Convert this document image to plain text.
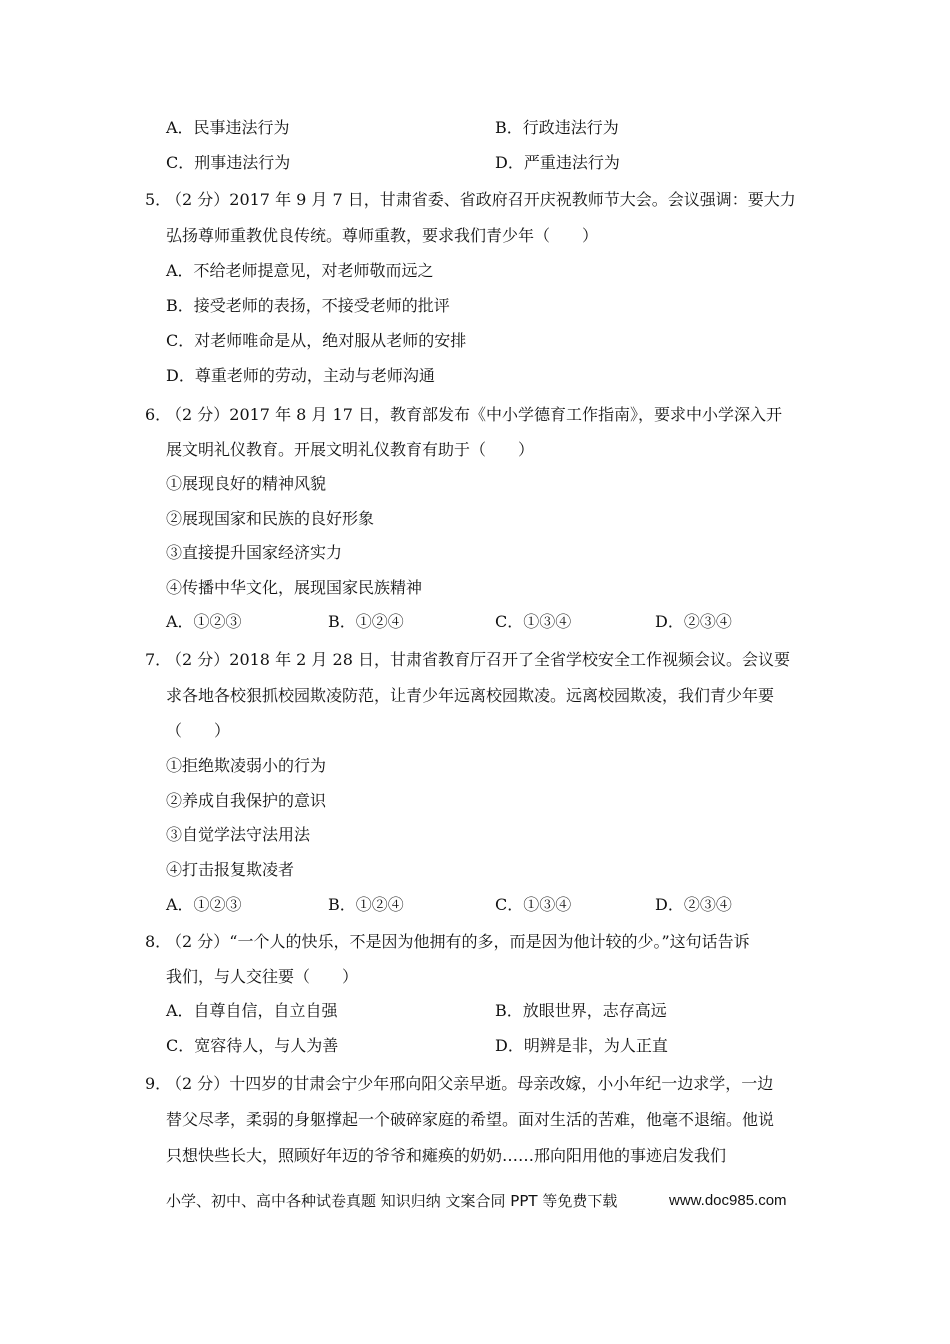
A．民事违法行为	B．行政违法行为
C．刑事违法行为	D．严重违法行为
5．
（2 分）2017 年 9 月 7 日，甘肃省委、省政府召开庆祝教师节大会。会议强调：要大力
弘扬尊师重教优良传统。尊师重教，要求我们青少年（　　）
A．不给老师提意见，对老师敬而远之
B．接受老师的表扬，不接受老师的批评
C．对老师唯命是从，绝对服从老师的安排
D．尊重老师的劳动，主动与老师沟通
6．
（2 分）2017 年 8 月 17 日，教育部发布《中小学德育工作指南》，要求中小学深入开
展文明礼仪教育。开展文明礼仪教育有助于（　　）
①展现良好的精神风貌
②展现国家和民族的良好形象
③直接提升国家经济实力
④传播中华文化，展现国家民族精神
A．①②③	B．①②④	C．①③④	D．②③④
7．
（2 分）2018 年 2 月 28 日，甘肃省教育厅召开了全省学校安全工作视频会议。会议要
求各地各校狠抓校园欺凌防范，让青少年远离校园欺凌。远离校园欺凌，我们青少年要
（　　）
①拒绝欺凌弱小的行为
②养成自我保护的意识
③自觉学法守法用法
④打击报复欺凌者
A．①②③	B．①②④	C．①③④	D．②③④
8．
（2 分）“一个人的快乐，不是因为他拥有的多，而是因为他计较的少。”这句话告诉
我们，与人交往要（　　）
A．自尊自信，自立自强	B．放眼世界，志存高远
C．宽容待人，与人为善	D．明辨是非，为人正直
9．
（2 分）十四岁的甘肃会宁少年邢向阳父亲早逝。母亲改嫁，小小年纪一边求学，一边
替父尽孝，柔弱的身躯撑起一个破碎家庭的希望。面对生活的苦难，他毫不退缩。他说
只想快些长大，照顾好年迈的爷爷和瘫痪的奶奶……邢向阳用他的事迹启发我们
小学、初中、高中各种试卷真题 知识归纳 文案合同 PPT 等免费下载	www.doc985.com
